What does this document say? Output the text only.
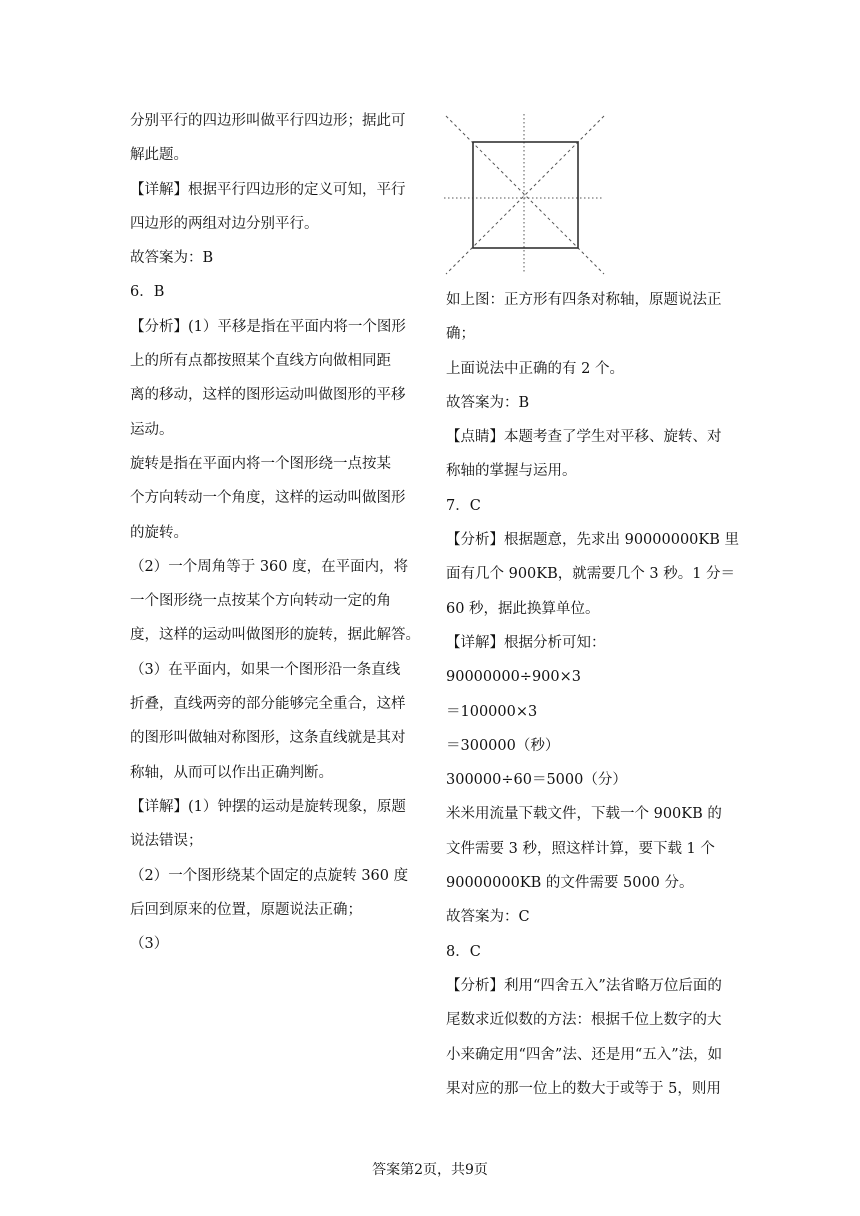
分别平行的四边形叫做平行四边形；据此可
解此题。
【详解】根据平行四边形的定义可知，平行
四边形的两组对边分别平行。
故答案为：B
6．B
【分析】(1）平移是指在平面内将一个图形
上的所有点都按照某个直线方向做相同距
离的移动，这样的图形运动叫做图形的平移
运动。
旋转是指在平面内将一个图形绕一点按某
个方向转动一个角度，这样的运动叫做图形
的旋转。
（2）一个周角等于 360 度，在平面内，将
一个图形绕一点按某个方向转动一定的角
度，这样的运动叫做图形的旋转，据此解答。
（3）在平面内，如果一个图形沿一条直线
折叠，直线两旁的部分能够完全重合，这样
的图形叫做轴对称图形，这条直线就是其对
称轴，从而可以作出正确判断。
【详解】(1）钟摆的运动是旋转现象，原题
说法错误；
（2）一个图形绕某个固定的点旋转 360 度
后回到原来的位置，原题说法正确；
（3）
如上图：正方形有四条对称轴，原题说法正
确；
上面说法中正确的有 2 个。
故答案为：B
【点睛】本题考查了学生对平移、旋转、对
称轴的掌握与运用。
7．C
【分析】根据题意，先求出 90000000KB 里
面有几个 900KB，就需要几个 3 秒。1 分＝
60 秒，据此换算单位。
【详解】根据分析可知：
90000000÷900×3
＝100000×3
＝300000（秒）
300000÷60＝5000（分）
米米用流量下载文件，下载一个 900KB 的
文件需要 3 秒，照这样计算，要下载 1 个
90000000KB 的文件需要 5000 分。
故答案为：C
8．C
【分析】利用“四舍五入”法省略万位后面的
尾数求近似数的方法：根据千位上数字的大
小来确定用“四舍”法、还是用“五入”法，如
果对应的那一位上的数大于或等于 5，则用
答案第2页，共9页
